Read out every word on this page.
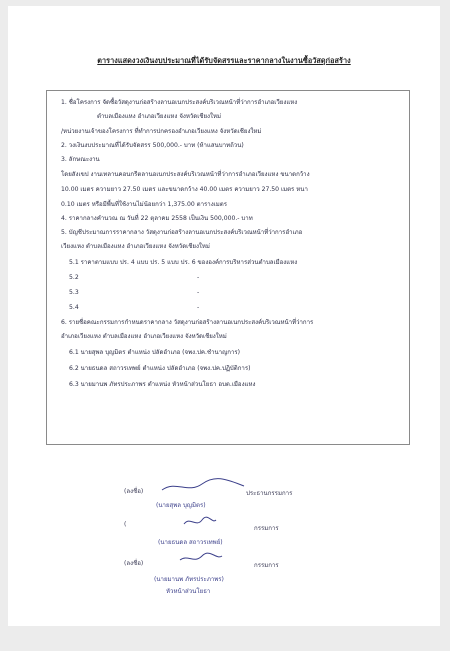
ตารางแสดงวงเงินงบประมาณที่ได้รับจัดสรรและราคากลางในงานซื้อวัสดุก่อสร้าง
1. ชื่อโครงการ จัดซื้อวัสดุงานก่อสร้างลานอเนกประสงค์บริเวณหน้าที่ว่าการอำเภอเวียงแหง
ตำบลเมืองแหง อำเภอเวียงแหง จังหวัดเชียงใหม่
/หน่วยงานเจ้าของโครงการ ที่ทำการปกครองอำเภอเวียงแหง จังหวัดเชียงใหม่
2. วงเงินงบประมาณที่ได้รับจัดสรร 500,000.- บาท (ห้าแสนบาทถ้วน)
3. ลักษณะงาน
โดยสังเขป งานเทลานคอนกรีตลานอเนกประสงค์บริเวณหน้าที่ว่าการอำเภอเวียงแหง ขนาดกว้าง
10.00 เมตร ความยาว 27.50 เมตร และขนาดกว้าง 40.00 เมตร ความยาว 27.50 เมตร หนา
0.10 เมตร หรือมีพื้นที่ใช้งานไม่น้อยกว่า 1,375.00 ตารางเมตร
4. ราคากลางคำนวณ ณ วันที่ 22 ตุลาคม 2558 เป็นเงิน 500,000.- บาท
5. บัญชีประมาณการราคากลาง วัสดุงานก่อสร้างลานอเนกประสงค์บริเวณหน้าที่ว่าการอำเภอ
เวียงแหง ตำบลเมืองแหง อำเภอเวียงแหง จังหวัดเชียงใหม่
5.1 ราคาตามแบบ ปร. 4 แบบ ปร. 5 แบบ ปร. 6 ขององค์การบริหารส่วนตำบลเมืองแหง
5.2	-
5.3	-
5.4	-
6. รายชื่อคณะกรรมการกำหนดราคากลาง วัสดุงานก่อสร้างลานอเนกประสงค์บริเวณหน้าที่ว่าการ
อำเภอเวียงแหง ตำบลเมืองแหง อำเภอเวียงแหง จังหวัดเชียงใหม่
6.1 นายสุพล บุญมิตร ตำแหน่ง ปลัดอำเภอ (จพง.ปค.ชำนาญการ)
6.2 นายธนดล สถาวรเทพย์ ตำแหน่ง ปลัดอำเภอ (จพง.ปค.ปฏิบัติการ)
6.3 นายมานพ ภัทรประภาพร ตำแหน่ง หัวหน้าส่วนโยธา อบต.เมืองแหง
(ลงชื่อ)	ประธานกรรมการ
(นายสุพล บุญมิตร)
(
กรรมการ
(นายธนดล สถาวรเทพย์)
(ลงชื่อ)	กรรมการ
(นายมานพ ภัทรประภาพร)
หัวหน้าส่วนโยธา
